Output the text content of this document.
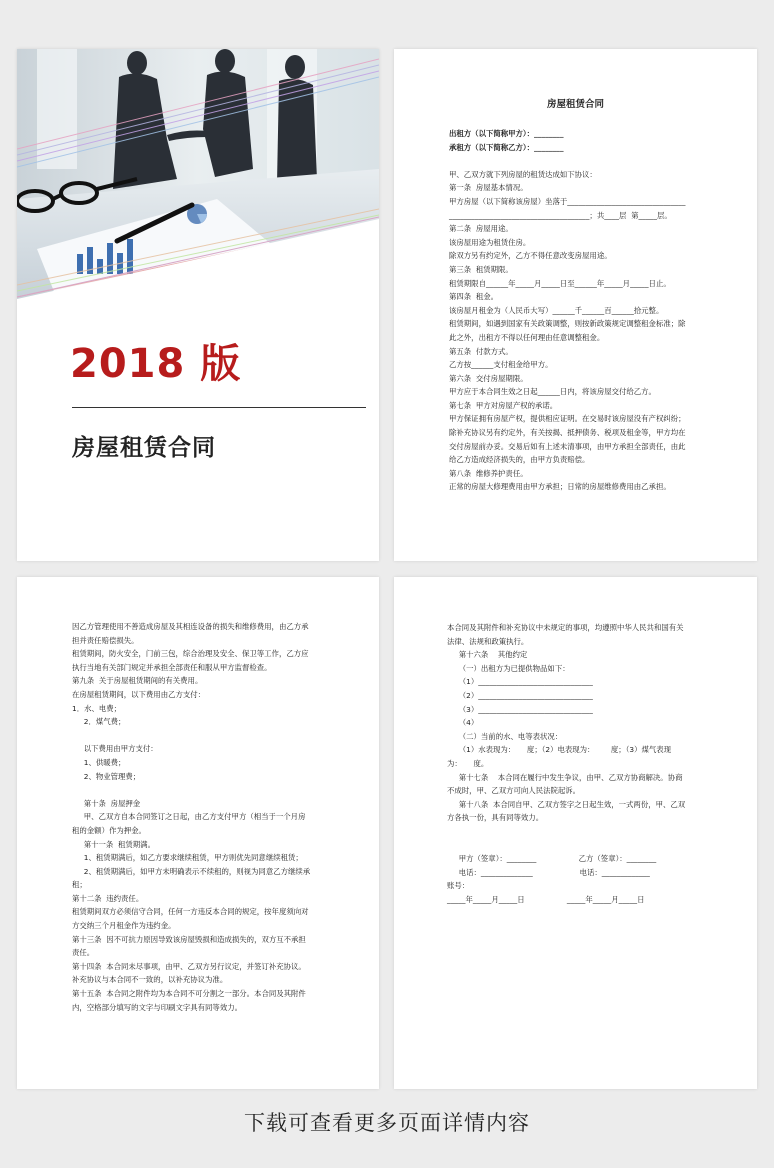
2018 版
房屋租赁合同
房屋租赁合同

出租方（以下简称甲方）：________

承租方（以下简称乙方）：________

甲、乙双方就下列房屋的租赁达成如下协议：

第一条  房屋基本情况。

甲方房屋（以下简称该房屋）坐落于________________________________

______________________________________；共____层  第_____层。

第二条  房屋用途。

该房屋用途为租赁住房。

除双方另有约定外，乙方不得任意改变房屋用途。

第三条  租赁期限。

租赁期限自______年_____月_____日至______年_____月_____日止。

第四条  租金。

该房屋月租金为（人民币大写）______千______百______拾元整。

租赁期间，如遇到国家有关政策调整，则按新政策规定调整租金标准；除

此之外，出租方不得以任何理由任意调整租金。

第五条  付款方式。

乙方按______支付租金给甲方。

第六条  交付房屋期限。

甲方应于本合同生效之日起______日内，将该房屋交付给乙方。

第七条  甲方对房屋产权的承诺。

甲方保证拥有房屋产权，提供相应证明。在交易时该房屋没有产权纠纷；

除补充协议另有约定外，有关按揭、抵押债务、税项及租金等，甲方均在

交付房屋前办妥。交易后如有上述未清事项，由甲方承担全部责任，由此

给乙方造成经济损失的，由甲方负责赔偿。

第八条  维修养护责任。

正常的房屋大修理费用由甲方承担；日常的房屋维修费用由乙承担。

因乙方管理使用不善造成房屋及其相连设备的损失和维修费用，由乙方承

担并责任赔偿损失。

租赁期间，防火安全，门前三包，综合治理及安全、保卫等工作，乙方应

执行当地有关部门规定并承担全部责任和服从甲方监督检查。

第九条  关于房屋租赁期间的有关费用。

在房屋租赁期间，以下费用由乙方支付：

1．水、电费；

2．煤气费；

以下费用由甲方支付：

1、供暖费；

2、物业管理费；

第十条  房屋押金

甲、乙双方自本合同签订之日起，由乙方支付甲方（相当于一个月房

租的金额）作为押金。

第十一条  租赁期满。

1、租赁期满后，如乙方要求继续租赁，甲方则优先同意继续租赁；

2、租赁期满后，如甲方未明确表示不续租的，则视为同意乙方继续承

租；

第十二条  违约责任。

租赁期间双方必须信守合同，任何一方违反本合同的规定，按年度须向对

方交纳三个月租金作为违约金。

第十三条  因不可抗力原因导致该房屋毁损和造成损失的，双方互不承担

责任。

第十四条  本合同未尽事项，由甲、乙双方另行议定，并签订补充协议。

补充协议与本合同不一致的，以补充协议为准。

第十五条  本合同之附件均为本合同不可分割之一部分。本合同及其附件

内，空格部分填写的文字与印刷文字具有同等效力。

本合同及其附件和补充协议中未规定的事项，均遵照中华人民共和国有关

法律、法规和政策执行。

第十六条    其他约定

（一）出租方为已提供物品如下：

（1）_______________________________

（2）_______________________________

（3）_______________________________

（4）

（二）当前的水、电等表状况：

（1）水表现为：     度；（2）电表现为：       度；（3）煤气表现

为：     度。

第十七条    本合同在履行中发生争议，由甲、乙双方协商解决。协商

不成时，甲、乙双方可向人民法院起诉。

第十八条  本合同自甲、乙双方签字之日起生效，一式两份，甲、乙双

方各执一份，具有同等效力。

甲方（签章）：________                  乙方（签章）：________

电话：______________                    电话：_____________

账号：

_____年_____月_____日                  _____年_____月_____日

下载可查看更多页面详情内容
